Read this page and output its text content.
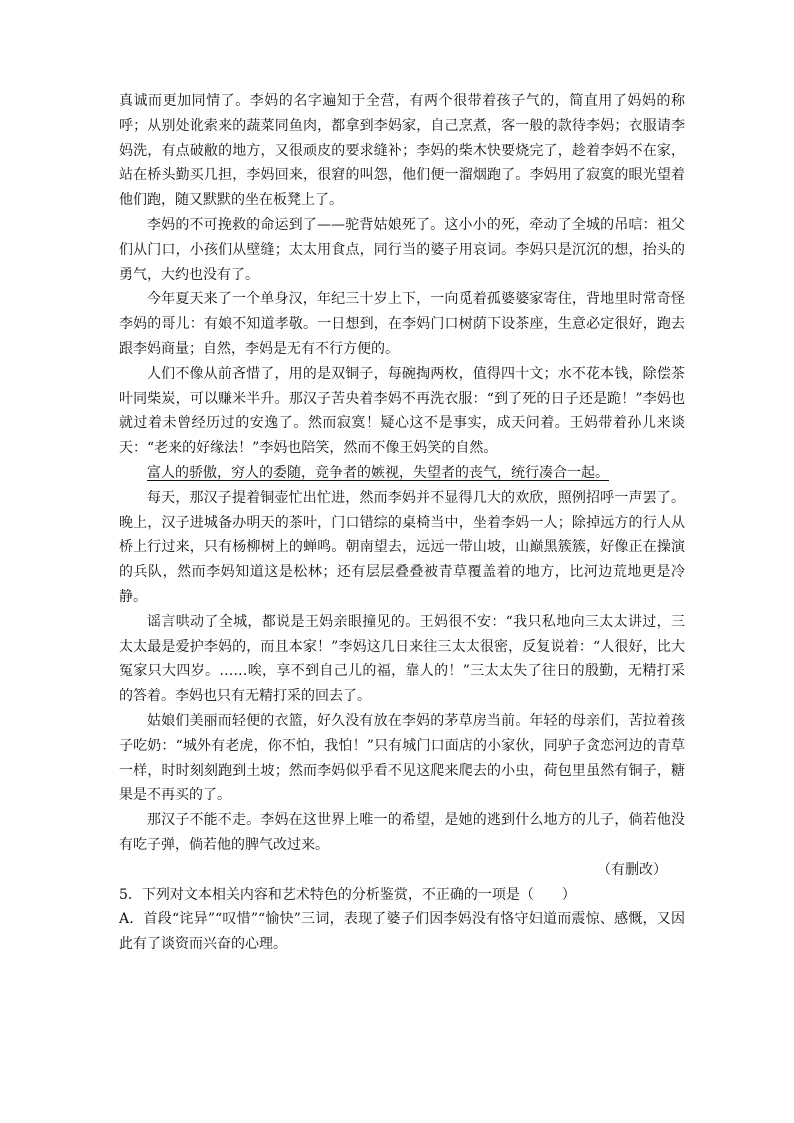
真诚而更加同情了。李妈的名字遍知于全营，有两个很带着孩子气的，简直用了妈妈的称呼；从别处讹索来的蔬菜同鱼肉，都拿到李妈家，自己烹煮，客一般的款待李妈；衣服请李妈洗，有点破敝的地方，又很顽皮的要求缝补；李妈的柴木快要烧完了，趁着李妈不在家，站在桥头勤买几担，李妈回来，很窘的叫怨，他们便一溜烟跑了。李妈用了寂寞的眼光望着他们跑，随又默默的坐在板凳上了。

李妈的不可挽救的命运到了——驼背姑娘死了。这小小的死，牵动了全城的吊唁：祖父们从门口，小孩们从壁缝；太太用食点，同行当的婆子用哀词。李妈只是沉沉的想，抬头的勇气，大约也没有了。

今年夏天来了一个单身汉，年纪三十岁上下，一向觅着孤婆婆家寄住，背地里时常奇怪李妈的哥儿：有娘不知道孝敬。一日想到，在李妈门口树荫下设茶座，生意必定很好，跑去跟李妈商量；自然，李妈是无有不行方便的。

人们不像从前吝惜了，用的是双铜子，每碗掏两枚，值得四十文；水不花本钱，除偿茶叶同柴炭，可以赚米半升。那汉子苦央着李妈不再洗衣服：“到了死的日子还是跪！”李妈也就过着未曾经历过的安逸了。然而寂寞！疑心这不是事实，成天问着。王妈带着孙儿来谈天：“老来的好缘法！”李妈也陪笑，然而不像王妈笑的自然。

富人的骄傲，穷人的委随，竞争者的嫉视，失望者的丧气，统行凑合一起。

每天，那汉子提着铜壶忙出忙进，然而李妈并不显得几大的欢欣，照例招呼一声罢了。晚上，汉子进城备办明天的茶叶，门口错综的桌椅当中，坐着李妈一人；除掉远方的行人从桥上行过来，只有杨柳树上的蝉鸣。朝南望去，远远一带山坡，山巅黑簇簇，好像正在操演的兵队，然而李妈知道这是松林；还有层层叠叠被青草覆盖着的地方，比河边荒地更是冷静。

谣言哄动了全城，都说是王妈亲眼撞见的。王妈很不安：“我只私地向三太太讲过，三太太最是爱护李妈的，而且本家！”李妈这几日来往三太太很密，反复说着：“人很好，比大冤家只大四岁。……唉，享不到自己儿的福，靠人的！”三太太失了往日的殷勤，无精打采的答着。李妈也只有无精打采的回去了。

姑娘们美丽而轻便的衣篮，好久没有放在李妈的茅草房当前。年轻的母亲们，苦拉着孩子吃奶：“城外有老虎，你不怕，我怕！”只有城门口面店的小家伙，同驴子贪恋河边的青草一样，时时刻刻跑到土坡；然而李妈似乎看不见这爬来爬去的小虫，荷包里虽然有铜子，糖果是不再买的了。

那汉子不能不走。李妈在这世界上唯一的希望，是她的逃到什么地方的儿子，倘若他没有吃子弹，倘若他的脾气改过来。

（有删改）

5．下列对文本相关内容和艺术特色的分析鉴赏，不正确的一项是（　　）

A．首段“诧异”“叹惜”“愉快”三词，表现了婆子们因李妈没有恪守妇道而震惊、感慨，又因此有了谈资而兴奋的心理。
